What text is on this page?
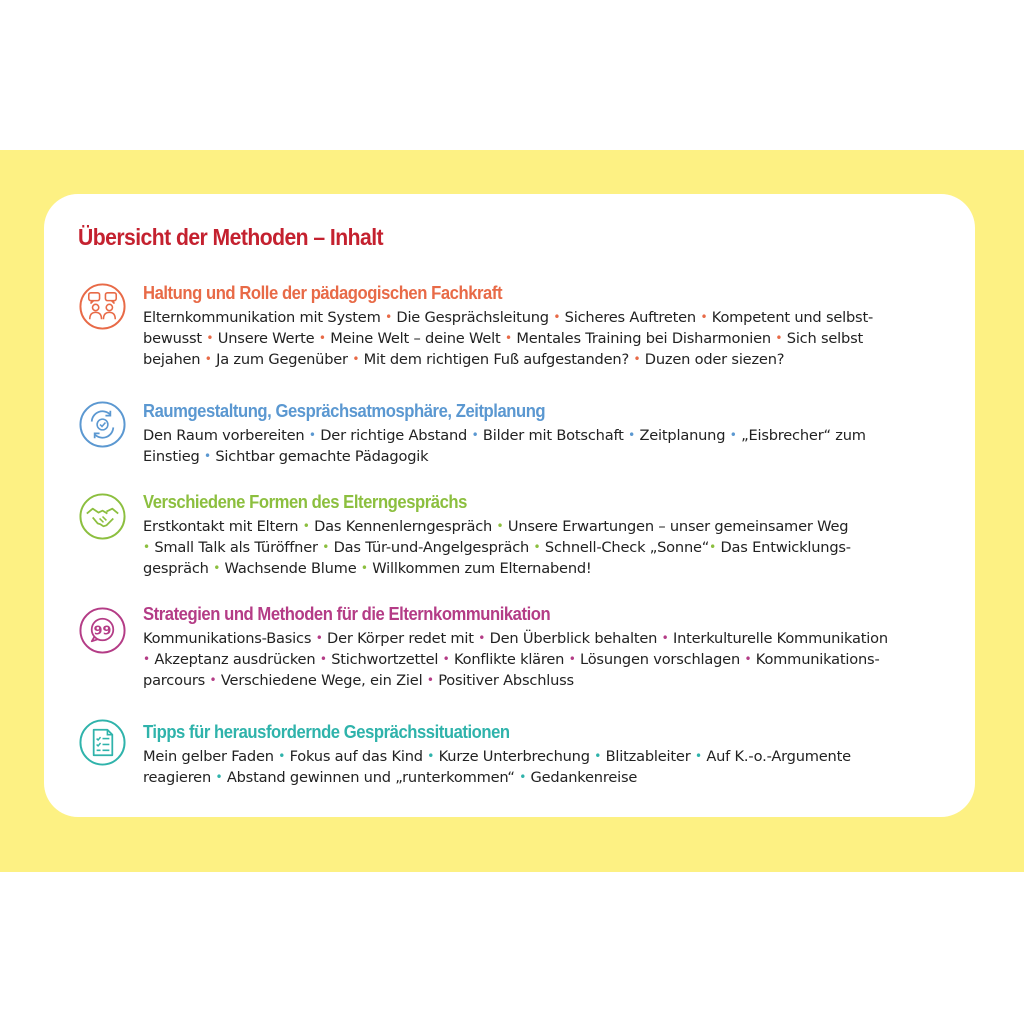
Übersicht der Methoden – Inhalt
Haltung und Rolle der pädagogischen Fachkraft
Elternkommunikation mit System • Die Gesprächsleitung • Sicheres Auftreten • Kompetent und selbst-
bewusst • Unsere Werte • Meine Welt – deine Welt • Mentales Training bei Disharmonien • Sich selbst
bejahen • Ja zum Gegenüber • Mit dem richtigen Fuß aufgestanden? • Duzen oder siezen?
Raumgestaltung, Gesprächsatmosphäre, Zeitplanung
Den Raum vorbereiten • Der richtige Abstand • Bilder mit Botschaft • Zeitplanung • „Eisbrecher“ zum
Einstieg • Sichtbar gemachte Pädagogik
Verschiedene Formen des Elterngesprächs
Erstkontakt mit Eltern • Das Kennenlerngespräch • Unsere Erwartungen – unser gemeinsamer Weg
• Small Talk als Türöffner • Das Tür-und-Angelgespräch • Schnell-Check „Sonne“• Das Entwicklungs-
gespräch • Wachsende Blume • Willkommen zum Elternabend!
99
Strategien und Methoden für die Elternkommunikation
Kommunikations-Basics • Der Körper redet mit • Den Überblick behalten • Interkulturelle Kommunikation
• Akzeptanz ausdrücken • Stichwortzettel • Konflikte klären • Lösungen vorschlagen • Kommunikations-
parcours • Verschiedene Wege, ein Ziel • Positiver Abschluss
Tipps für herausfordernde Gesprächssituationen
Mein gelber Faden • Fokus auf das Kind • Kurze Unterbrechung • Blitzableiter • Auf K.-o.-Argumente
reagieren • Abstand gewinnen und „runterkommen“ • Gedankenreise
